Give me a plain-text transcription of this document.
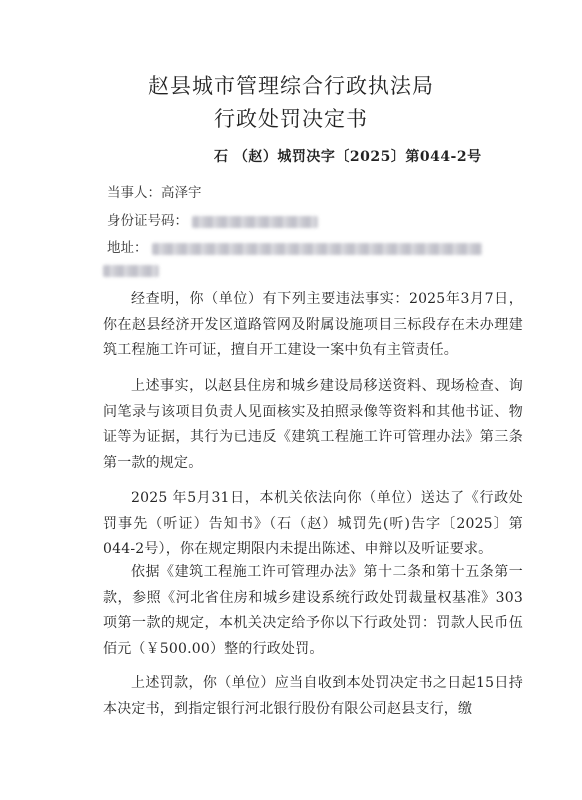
赵县城市管理综合行政执法局
行政处罚决定书
石 （赵）城罚决字〔2025〕第044-2号
当事人：高泽宇
身份证号码：
地址：

经查明，你（单位）有下列主要违法事实：2025年3月7日，你在赵县经济开发区道路管网及附属设施项目三标段存在未办理建筑工程施工许可证，擅自开工建设一案中负有主管责任。

上述事实，以赵县住房和城乡建设局移送资料、现场检查、询问笔录与该项目负责人见面核实及拍照录像等资料和其他书证、物证等为证据，其行为已违反《建筑工程施工许可管理办法》第三条第一款的规定。

2025 年5月31日，本机关依法向你（单位）送达了《行政处罚事先（听证）告知书》（石（赵）城罚先(听)告字〔2025〕第044-2号），你在规定期限内未提出陈述、申辩以及听证要求。

依据《建筑工程施工许可管理办法》第十二条和第十五条第一款，参照《河北省住房和城乡建设系统行政处罚裁量权基准》303项第一款的规定，本机关决定给予你以下行政处罚：罚款人民币伍佰元（￥500.00）整的行政处罚。

上述罚款，你（单位）应当自收到本处罚决定书之日起15日持本决定书，到指定银行河北银行股份有限公司赵县支行，缴
